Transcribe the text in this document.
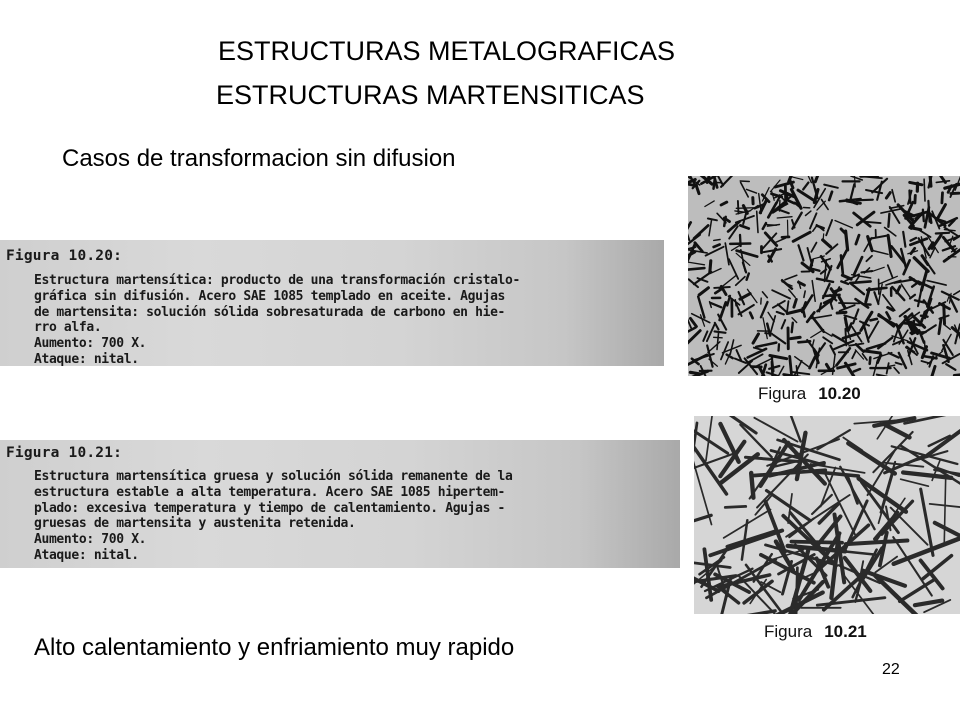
ESTRUCTURAS METALOGRAFICAS
ESTRUCTURAS MARTENSITICAS
Casos de transformacion sin difusion
Figura 10.20:
Estructura martensítica: producto de una transformación cristalo-
gráfica sin difusión. Acero SAE 1085 templado en aceite. Agujas
de martensita: solución sólida sobresaturada de carbono en hie-
rro alfa.
Aumento: 700 X.
Ataque: nital.
Figura 10.21:
Estructura martensítica gruesa y solución sólida remanente de la
estructura estable a alta temperatura. Acero SAE 1085 hipertem-
plado: excesiva temperatura y tiempo de calentamiento. Agujas -
gruesas de martensita y austenita retenida.
Aumento: 700 X.
Ataque: nital.
Figura 10.20
Figura 10.21
Alto calentamiento y enfriamiento muy rapido
22
